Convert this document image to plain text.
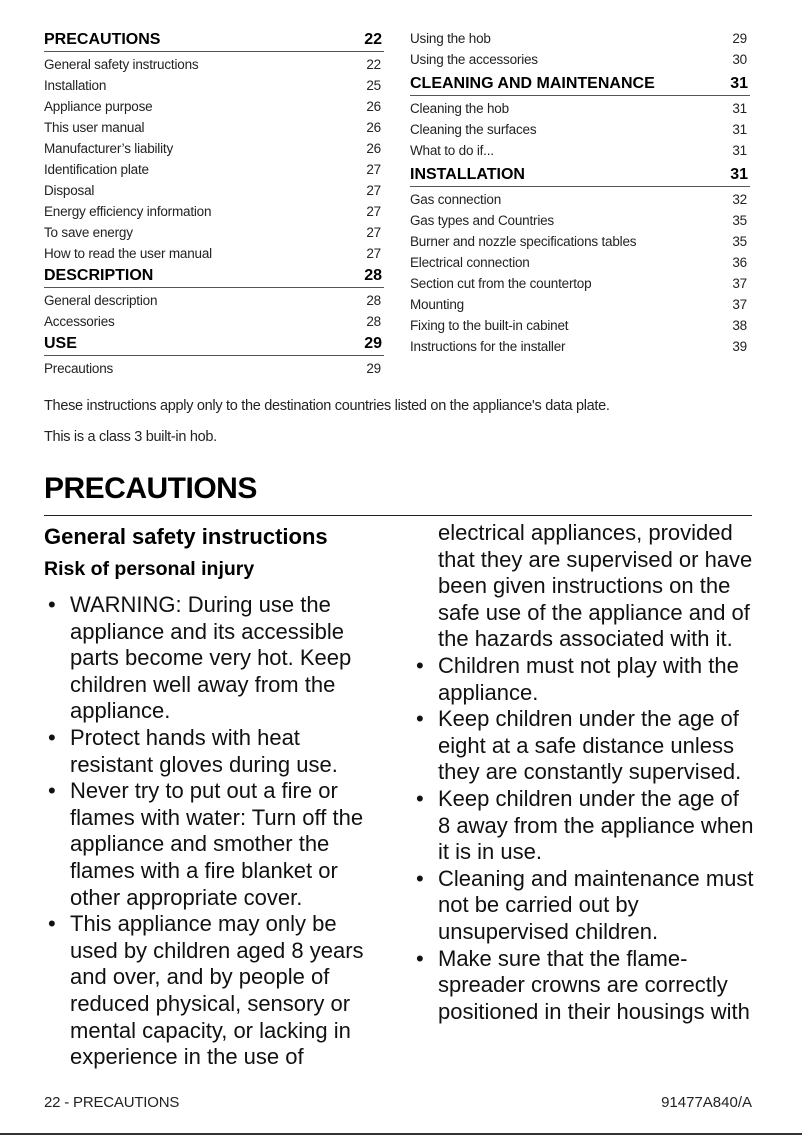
PRECAUTIONS	22
General safety instructions	22
Installation	25
Appliance purpose	26
This user manual	26
Manufacturer’s liability	26
Identification plate	27
Disposal	27
Energy efficiency information	27
To save energy	27
How to read the user manual	27
DESCRIPTION	28
General description	28
Accessories	28
USE	29
Precautions	29
Using the hob	29
Using the accessories	30
CLEANING AND MAINTENANCE	31
Cleaning the hob	31
Cleaning the surfaces	31
What to do if...	31
INSTALLATION	31
Gas connection	32
Gas types and Countries	35
Burner and nozzle specifications tables	35
Electrical connection	36
Section cut from the countertop	37
Mounting	37
Fixing to the built-in cabinet	38
Instructions for the installer	39
These instructions apply only to the destination countries listed on the appliance's data plate.
This is a class 3 built-in hob.
PRECAUTIONS
General safety instructions
Risk of personal injury
• WARNING: During use the appliance and its accessible parts become very hot. Keep children well away from the appliance.
• Protect hands with heat resistant gloves during use.
• Never try to put out a fire or flames with water: Turn off the appliance and smother the flames with a fire blanket or other appropriate cover.
• This appliance may only be used by children aged 8 years and over, and by people of reduced physical, sensory or mental capacity, or lacking in experience in the use of
electrical appliances, provided that they are supervised or have been given instructions on the safe use of the appliance and of the hazards associated with it.
• Children must not play with the appliance.
• Keep children under the age of eight at a safe distance unless they are constantly supervised.
• Keep children under the age of 8 away from the appliance when it is in use.
• Cleaning and maintenance must not be carried out by unsupervised children.
• Make sure that the flame-spreader crowns are correctly positioned in their housings with
22 - PRECAUTIONS	91477A840/A
